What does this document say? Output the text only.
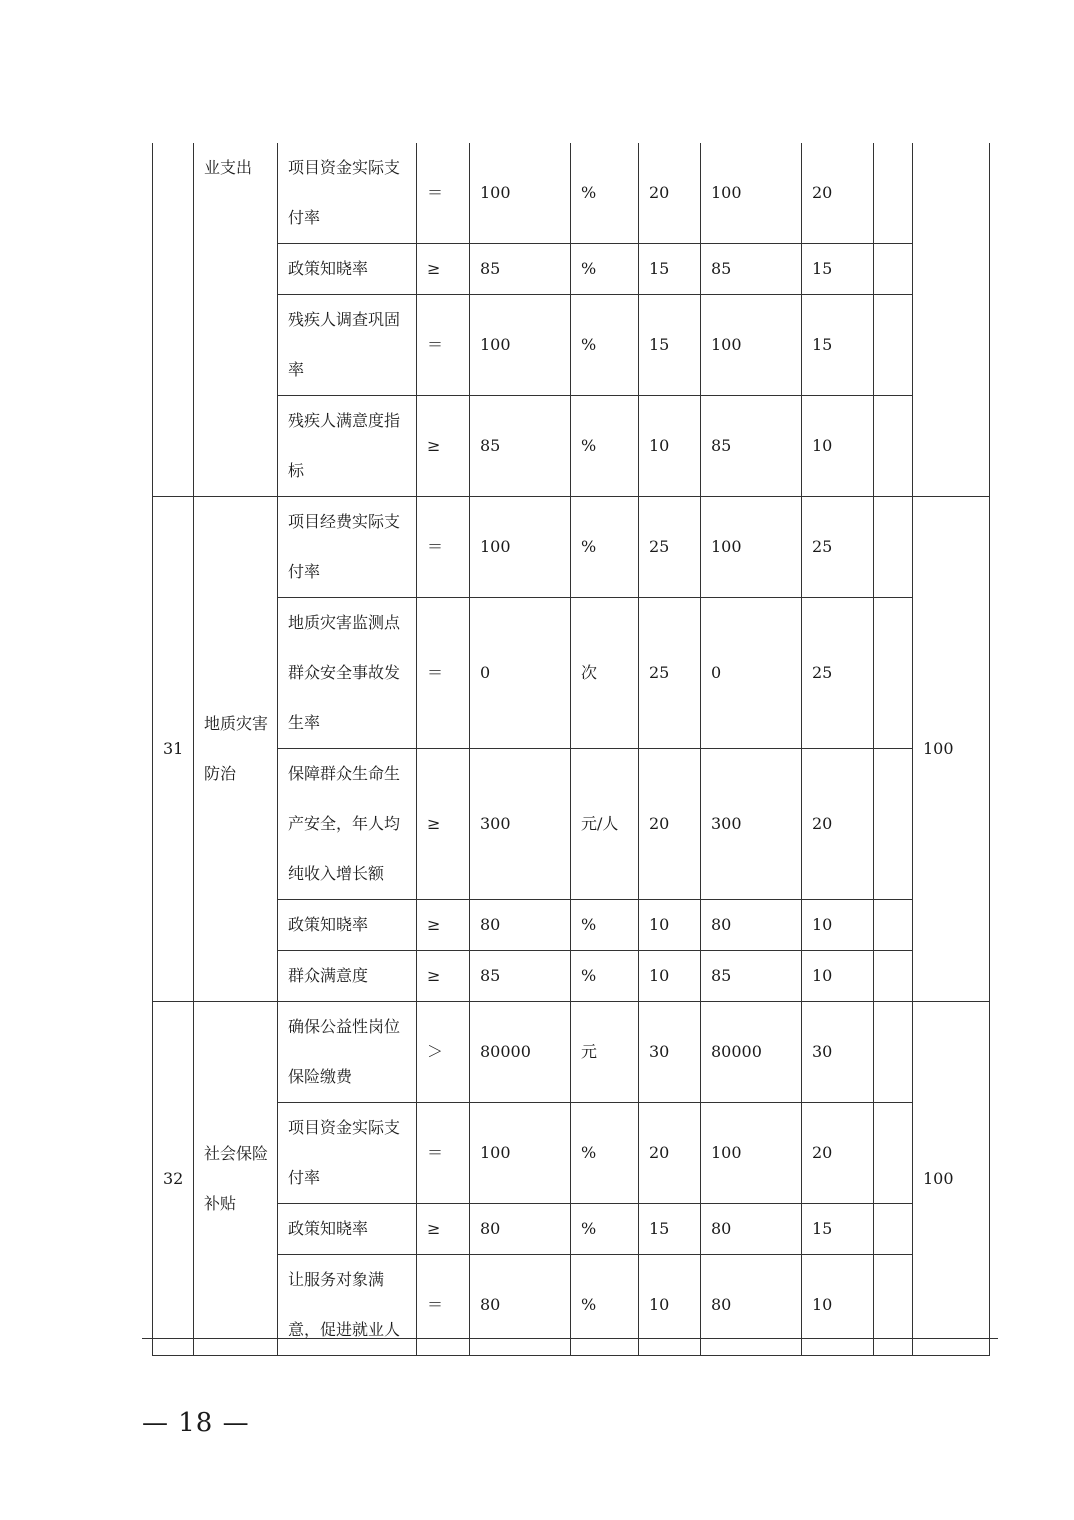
	业支出	项目资金实际支付率	＝	100	%	20	100	20		
		政策知晓率	≥	85	%	15	85	15		
		残疾人调查巩固率	＝	100	%	15	100	15		
		残疾人满意度指标	≥	85	%	10	85	10		
31	地质灾害防治	项目经费实际支付率	＝	100	%	25	100	25		100
		地质灾害监测点群众安全事故发生率	＝	0	次	25	0	25		
		保障群众生命生产安全，年人均纯收入增长额	≥	300	元/人	20	300	20		
		政策知晓率	≥	80	%	10	80	10		
		群众满意度	≥	85	%	10	85	10		
32	社会保险补贴	确保公益性岗位保险缴费	＞	80000	元	30	80000	30		100
		项目资金实际支付率	＝	100	%	20	100	20		
		政策知晓率	≥	80	%	15	80	15		
		让服务对象满意，促进就业人	＝	80	%	10	80	10		
— 18 —
